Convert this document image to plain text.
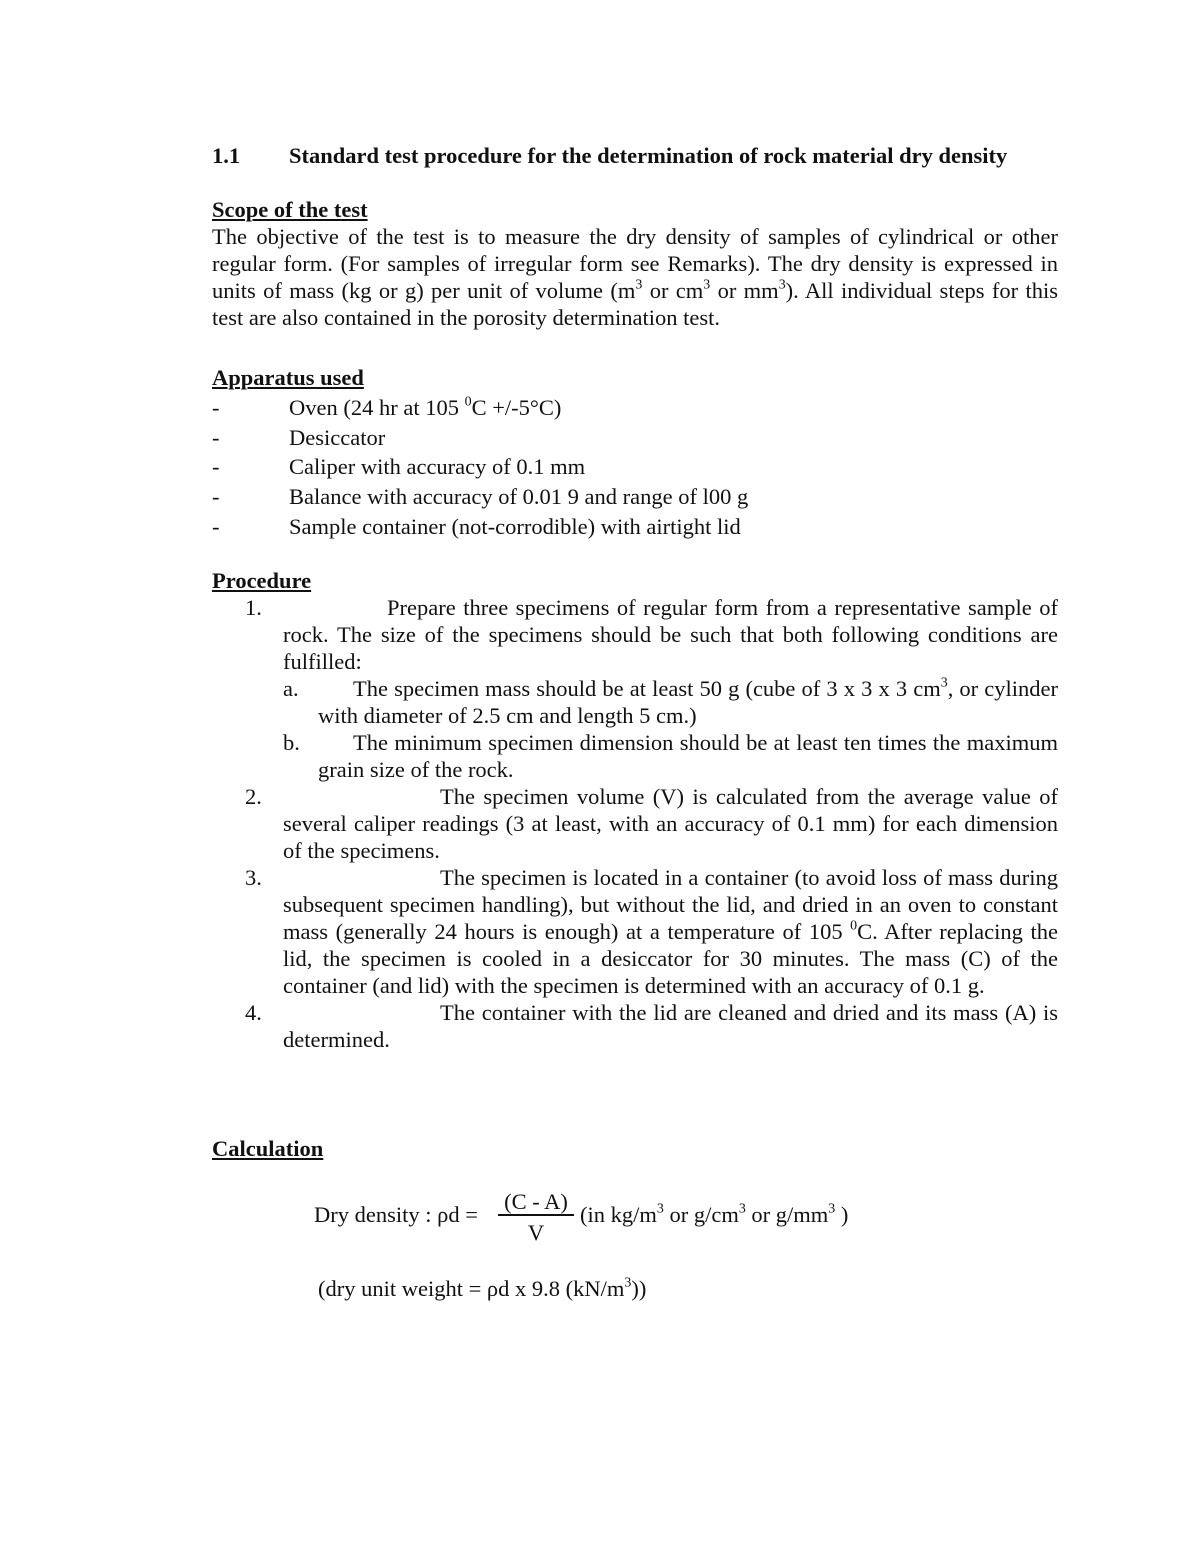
1.1 Standard test procedure for the determination of rock material dry density
Scope of the test
The objective of the test is to measure the dry density of samples of cylindrical or other regular form. (For samples of irregular form see Remarks). The dry density is expressed in units of mass (kg or g) per unit of volume ($m^3$ or $cm^3$ or $mm^3$). All individual steps for this test are also contained in the porosity determination test.
Apparatus used
-	Oven (24 hr at 105 $^0$C +/-5°C)
-	Desiccator
-	Caliper with accuracy of 0.1 mm
-	Balance with accuracy of 0.01 9 and range of l00 g
-	Sample container (not-corrodible) with airtight lid
Procedure
1.	Prepare three specimens of regular form from a representative sample of rock. The size of the specimens should be such that both following conditions are fulfilled:
a. The specimen mass should be at least 50 g (cube of 3 x 3 x 3 $cm^3$, or cylinder with diameter of 2.5 cm and length 5 cm.)
b. The minimum specimen dimension should be at least ten times the maximum grain size of the rock.
2.	The specimen volume (V) is calculated from the average value of several caliper readings (3 at least, with an accuracy of 0.1 mm) for each dimension of the specimens.
3.	The specimen is located in a container (to avoid loss of mass during subsequent specimen handling), but without the lid, and dried in an oven to constant mass (generally 24 hours is enough) at a temperature of 105 $^0$C. After replacing the lid, the specimen is cooled in a desiccator for 30 minutes. The mass (C) of the container (and lid) with the specimen is determined with an accuracy of 0.1 g.
4.	The container with the lid are cleaned and dried and its mass (A) is determined.
Calculation
Dry density : ρd =
(C - A)
V
(in $kg/m^3$ or $g/cm^3$ or $g/mm^3$ )
(dry unit weight = ρd x 9.8 $(kN/m^3)$)
